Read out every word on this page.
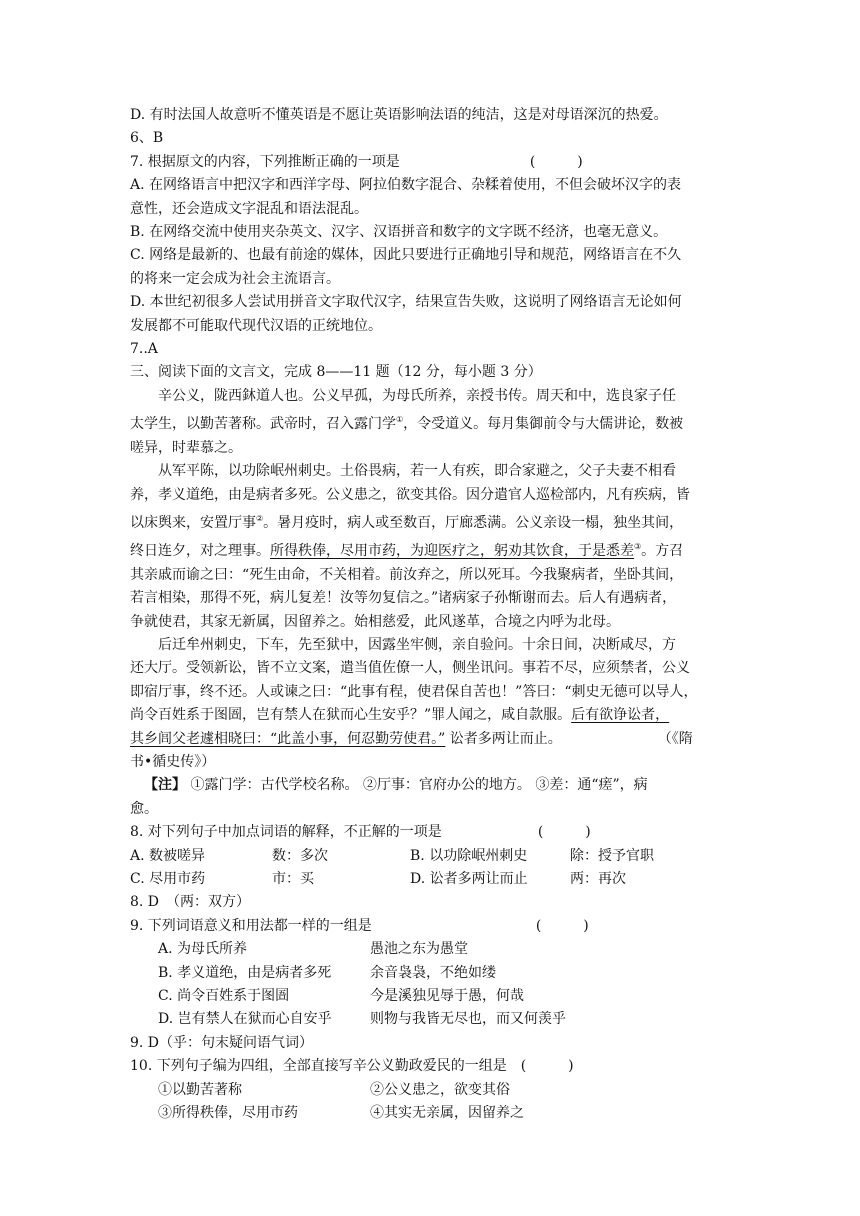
D. 有时法国人故意听不懂英语是不愿让英语影响法语的纯洁，这是对母语深沉的热爱。
6、B
7. 根据原文的内容，下列推断正确的一项是	(　　　)
A. 在网络语言中把汉字和西洋字母、阿拉伯数字混合、杂糅着使用，不但会破坏汉字的表
意性，还会造成文字混乱和语法混乱。
B. 在网络交流中使用夹杂英文、汉字、汉语拼音和数字的文字既不经济，也毫无意义。
C. 网络是最新的、也最有前途的媒体，因此只要进行正确地引导和规范，网络语言在不久
的将来一定会成为社会主流语言。
D. 本世纪初很多人尝试用拼音文字取代汉字，结果宣告失败，这说明了网络语言无论如何
发展都不可能取代现代汉语的正统地位。
7..A
三、阅读下面的文言文，完成 8——11 题（12 分，每小题 3 分）
辛公义，陇西鈢道人也。公义早孤，为母氏所养，亲授书传。周天和中，选良家子任
太学生，以勤苦著称。武帝时，召入露门学①，令受道义。每月集御前令与大儒讲论，数被
嗟异，时辈慕之。
从军平陈，以功除岷州刺史。土俗畏病，若一人有疾，即合家避之，父子夫妻不相看
养，孝义道绝，由是病者多死。公义患之，欲变其俗。因分遣官人巡检部内，凡有疾病，皆
以床舆来，安置厅事②。暑月疫时，病人或至数百，厅廊悉满。公义亲设一榻，独坐其间，
终日连夕，对之理事。所得秩俸，尽用市药，为迎医疗之，躬劝其饮食，于是悉差③。方召
其亲戚而谕之曰：“死生由命，不关相着。前汝弃之，所以死耳。今我聚病者，坐卧其间，
若言相染，那得不死，病儿复差！汝等勿复信之。”诸病家子孙惭谢而去。后人有遇病者，
争就使君，其家无新属，因留养之。始相慈爱，此风遂革，合境之内呼为北母。
后迁牟州刺史，下车，先至狱中，因露坐牢侧，亲自验问。十余日间，决断咸尽，方
还大厅。受领新讼，皆不立文案，遣当值佐僚一人，侧坐讯问。事若不尽，应须禁者，公义
即宿厅事，终不还。人或谏之曰：“此事有程，使君保自苦也！”答曰：“刺史无德可以导人，
尚令百姓系于图圄，岂有禁人在狱而心生安乎？”罪人闻之，咸自款服。后有欲诤讼者，
其乡闾父老遽相晓曰：“此盖小事，何忍勤劳使君。” 讼者多两让而止。	（《隋
书•循史传》）
【注】 ①露门学：古代学校名称。 ②厅事：官府办公的地方。 ③差：通“瘥”，病
愈。
8. 对下列句子中加点词语的解释，不正解的一项是	(　　　)
A. 数被嗟异	数：多次	B. 以功除岷州刺史	除：授予官职
C. 尽用市药	市：买	D. 讼者多两让而止	两：再次
8. D　（两：双方）
9. 下列词语意义和用法都一样的一组是	(　　　)
A. 为母氏所养	愚池之东为愚堂
B. 孝义道绝，由是病者多死	余音袅袅，不绝如缕
C. 尚令百姓系于图圄	今是溪独见辱于愚，何哉
D. 岂有禁人在狱而心自安乎	则物与我皆无尽也，而又何羡乎
9. D（乎：句末疑问语气词）
10. 下列句子编为四组，全部直接写辛公义勤政爱民的一组是 (　　　)
①以勤苦著称	②公义患之，欲变其俗
③所得秩俸，尽用市药	④其实无亲属，因留养之
